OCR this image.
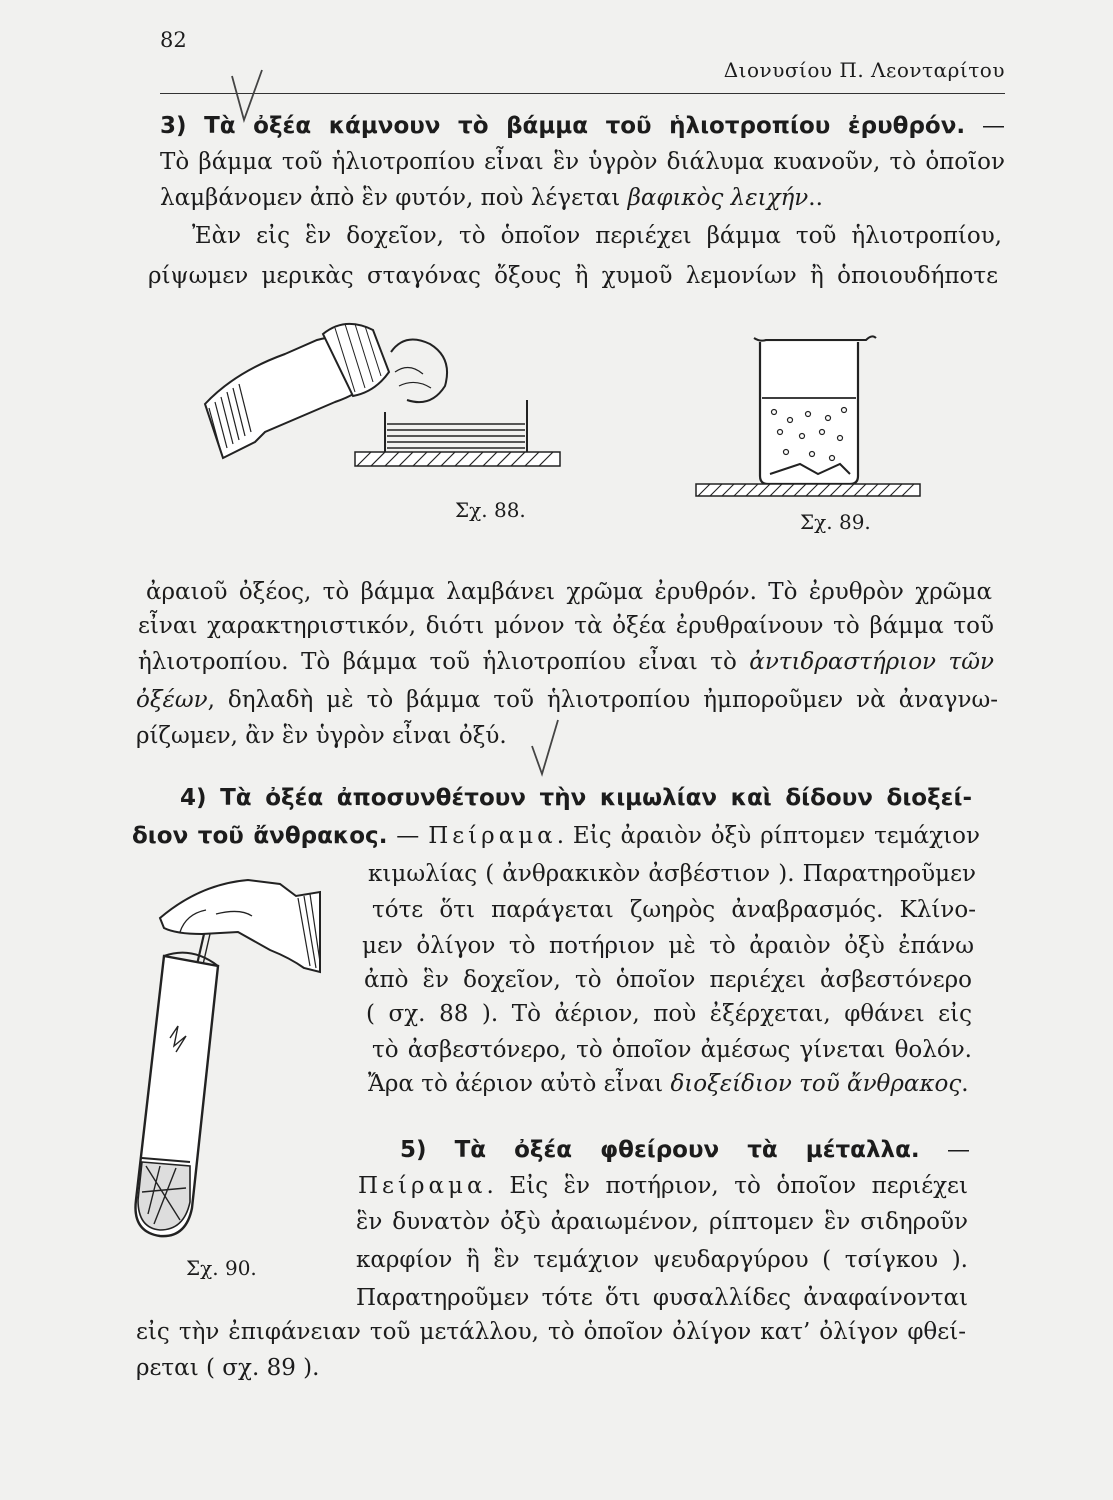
82
Διονυσίου Π. Λεονταρίτου
3) Τὰ ὀξέα κάμνουν τὸ βάμμα τοῦ ἡλιοτροπίου ἐρυθρόν. —
Τὸ βάμμα τοῦ ἡλιοτροπίου εἶναι ἓν ὑγρὸν διάλυμα κυανοῦν, τὸ ὁποῖον
λαμβάνομεν ἀπὸ ἓν φυτόν, ποὺ λέγεται βαφικὸς λειχήν..
Ἐὰν εἰς ἓν δοχεῖον, τὸ ὁποῖον περιέχει βάμμα τοῦ ἡλιοτροπίου,
ρίψωμεν μερικὰς σταγόνας ὄξους ἢ χυμοῦ λεμονίων ἢ ὁποιουδήποτε
Σχ. 88.	Σχ. 89.
ἀραιοῦ ὀξέος, τὸ βάμμα λαμβάνει χρῶμα ἐρυθρόν. Τὸ ἐρυθρὸν χρῶμα
εἶναι χαρακτηριστικόν, διότι μόνον τὰ ὀξέα ἐρυθραίνουν τὸ βάμμα τοῦ
ἡλιοτροπίου. Τὸ βάμμα τοῦ ἡλιοτροπίου εἶναι τὸ ἀντιδραστήριον τῶν
ὀξέων, δηλαδὴ μὲ τὸ βάμμα τοῦ ἡλιοτροπίου ἠμποροῦμεν νὰ ἀναγνω-
ρίζωμεν, ἂν ἓν ὑγρὸν εἶναι ὀξύ.
4) Τὰ ὀξέα ἀποσυνθέτουν τὴν κιμωλίαν καὶ δίδουν διοξεί-
διον τοῦ ἄνθρακος. — Πείραμα. Εἰς ἀραιὸν ὀξὺ ρίπτομεν τεμάχιον
Σχ. 90.
κιμωλίας ( ἀνθρακικὸν ἀσβέστιον ). Παρατηροῦμεν
τότε ὅτι παράγεται ζωηρὸς ἀναβρασμός. Κλίνο-
μεν ὀλίγον τὸ ποτήριον μὲ τὸ ἀραιὸν ὀξὺ ἐπάνω
ἀπὸ ἓν δοχεῖον, τὸ ὁποῖον περιέχει ἀσβεστόνερο
( σχ. 88 ). Τὸ ἀέριον, ποὺ ἐξέρχεται, φθάνει εἰς
τὸ ἀσβεστόνερο, τὸ ὁποῖον ἀμέσως γίνεται θολόν.
Ἄρα τὸ ἀέριον αὐτὸ εἶναι διοξείδιον τοῦ ἄνθρακος.
5) Τὰ ὀξέα φθείρουν τὰ μέταλλα. —
Πείραμα. Εἰς ἓν ποτήριον, τὸ ὁποῖον περιέχει
ἓν δυνατὸν ὀξὺ ἀραιωμένον, ρίπτομεν ἓν σιδηροῦν
καρφίον ἢ ἓν τεμάχιον ψευδαργύρου ( τσίγκου ).
Παρατηροῦμεν τότε ὅτι φυσαλλίδες ἀναφαίνονται
εἰς τὴν ἐπιφάνειαν τοῦ μετάλλου, τὸ ὁποῖον ὀλίγον κατ’ ὀλίγον φθεί-
ρεται ( σχ. 89 ).
